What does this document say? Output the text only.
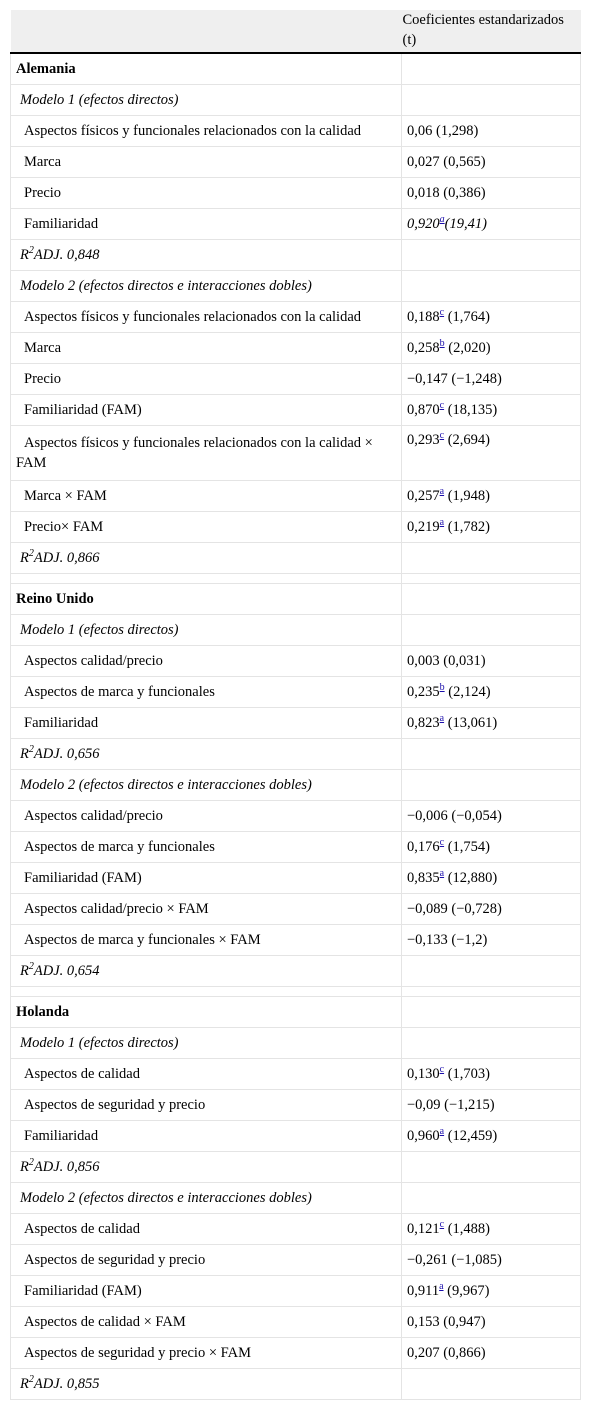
	Coeficientes estandarizados (t)
Alemania	
Modelo 1 (efectos directos)	
Aspectos físicos y funcionales relacionados con la calidad	0,06 (1,298)
Marca	0,027 (0,565)
Precio	0,018 (0,386)
Familiaridad	0,920$^a$(19,41)
$R^2ADJ$. 0,848	
Modelo 2 (efectos directos e interacciones dobles)	
Aspectos físicos y funcionales relacionados con la calidad	0,188$^c$ (1,764)
Marca	0,258$^b$ (2,020)
Precio	−0,147 (−1,248)
Familiaridad (FAM)	0,870$^c$ (18,135)
Aspectos físicos y funcionales relacionados con la calidad × FAM	0,293$^c$ (2,694)
Marca × FAM	0,257$^a$ (1,948)
Precio× FAM	0,219$^a$ (1,782)
$R^2ADJ$. 0,866	

Reino Unido	
Modelo 1 (efectos directos)	
Aspectos calidad/precio	0,003 (0,031)
Aspectos de marca y funcionales	0,235$^b$ (2,124)
Familiaridad	0,823$^a$ (13,061)
$R^2ADJ$. 0,656	
Modelo 2 (efectos directos e interacciones dobles)	
Aspectos calidad/precio	−0,006 (−0,054)
Aspectos de marca y funcionales	0,176$^c$ (1,754)
Familiaridad (FAM)	0,835$^a$ (12,880)
Aspectos calidad/precio × FAM	−0,089 (−0,728)
Aspectos de marca y funcionales × FAM	−0,133 (−1,2)
$R^2ADJ$. 0,654	

Holanda	
Modelo 1 (efectos directos)	
Aspectos de calidad	0,130$^c$ (1,703)
Aspectos de seguridad y precio	−0,09 (−1,215)
Familiaridad	0,960$^a$ (12,459)
$R^2ADJ$. 0,856	
Modelo 2 (efectos directos e interacciones dobles)	
Aspectos de calidad	0,121$^c$ (1,488)
Aspectos de seguridad y precio	−0,261 (−1,085)
Familiaridad (FAM)	0,911$^a$ (9,967)
Aspectos de calidad × FAM	0,153 (0,947)
Aspectos de seguridad y precio × FAM	0,207 (0,866)
$R^2ADJ$. 0,855	
